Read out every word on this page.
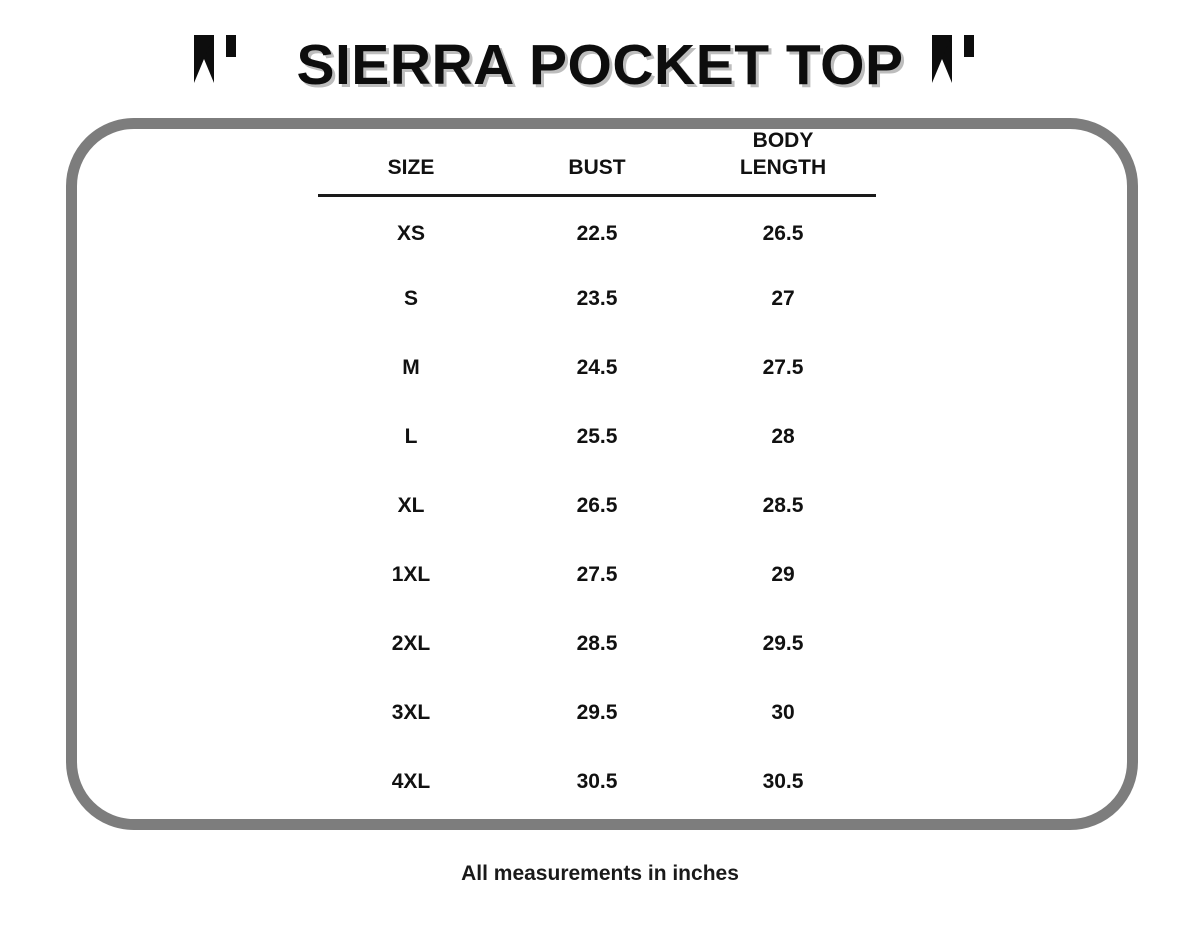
SIERRA POCKET TOP
SIZE	BUST	BODY
LENGTH
XS	22.5	26.5
S	23.5	27
M	24.5	27.5
L	25.5	28
XL	26.5	28.5
1XL	27.5	29
2XL	28.5	29.5
3XL	29.5	30
4XL	30.5	30.5
All measurements in inches
